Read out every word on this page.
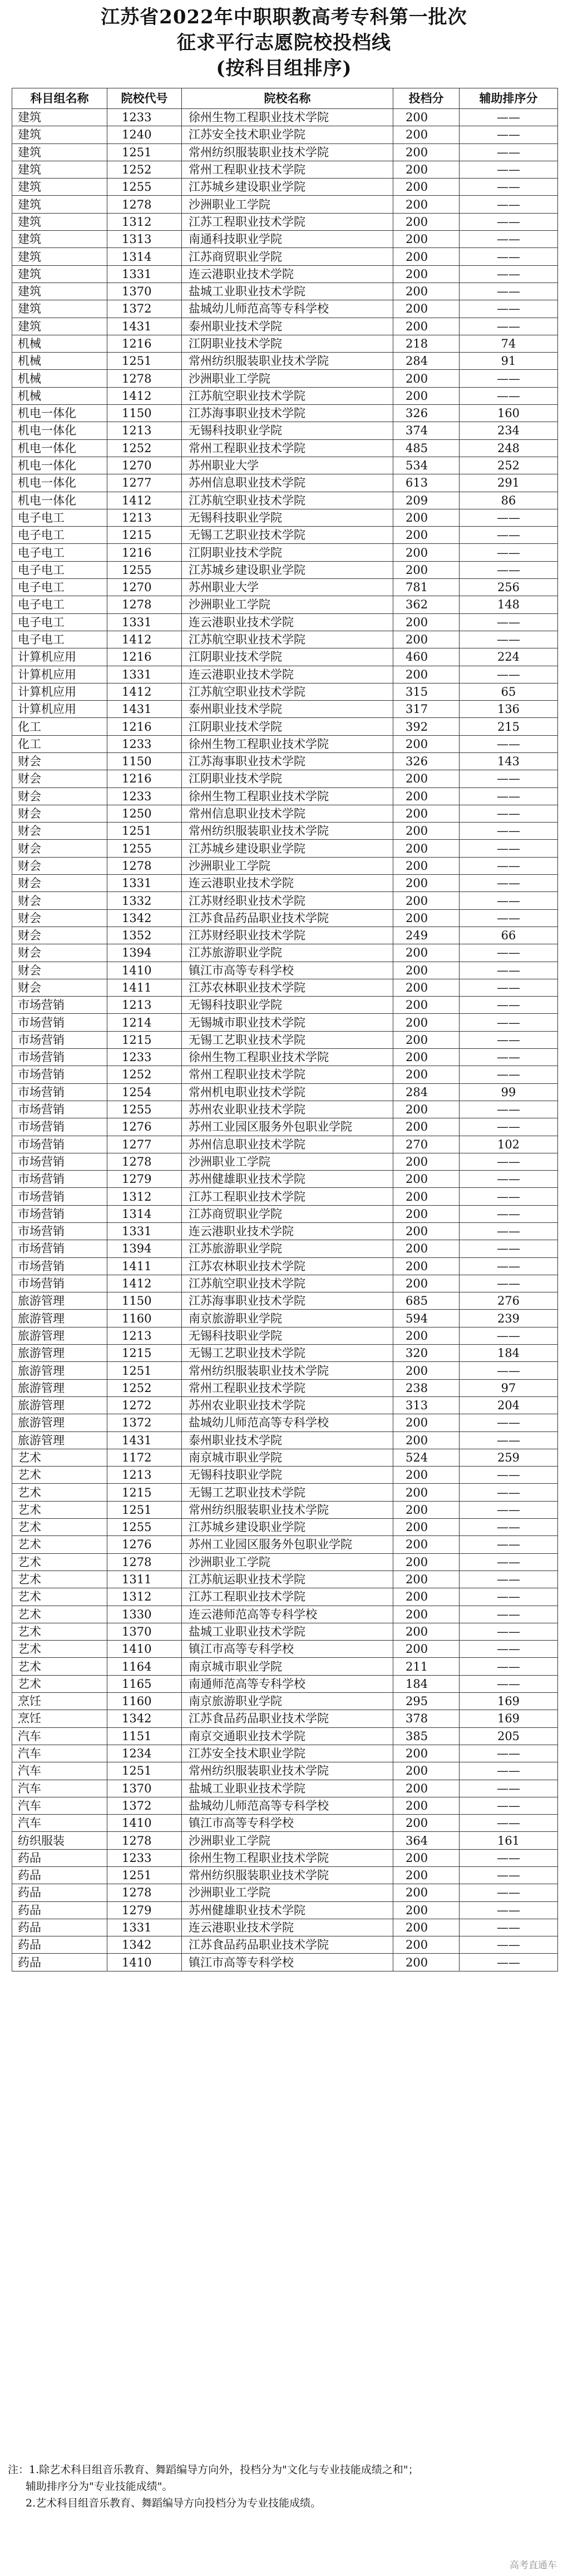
江苏省2022年中职职教高考专科第一批次
征求平行志愿院校投档线
(按科目组排序)
科目组名称	院校代号	院校名称	投档分	辅助排序分
建筑	1233	徐州生物工程职业技术学院	200	——
建筑	1240	江苏安全技术职业学院	200	——
建筑	1251	常州纺织服装职业技术学院	200	——
建筑	1252	常州工程职业技术学院	200	——
建筑	1255	江苏城乡建设职业学院	200	——
建筑	1278	沙洲职业工学院	200	——
建筑	1312	江苏工程职业技术学院	200	——
建筑	1313	南通科技职业学院	200	——
建筑	1314	江苏商贸职业学院	200	——
建筑	1331	连云港职业技术学院	200	——
建筑	1370	盐城工业职业技术学院	200	——
建筑	1372	盐城幼儿师范高等专科学校	200	——
建筑	1431	泰州职业技术学院	200	——
机械	1216	江阴职业技术学院	218	74
机械	1251	常州纺织服装职业技术学院	284	91
机械	1278	沙洲职业工学院	200	——
机械	1412	江苏航空职业技术学院	200	——
机电一体化	1150	江苏海事职业技术学院	326	160
机电一体化	1213	无锡科技职业学院	374	234
机电一体化	1252	常州工程职业技术学院	485	248
机电一体化	1270	苏州职业大学	534	252
机电一体化	1277	苏州信息职业技术学院	613	291
机电一体化	1412	江苏航空职业技术学院	209	86
电子电工	1213	无锡科技职业学院	200	——
电子电工	1215	无锡工艺职业技术学院	200	——
电子电工	1216	江阴职业技术学院	200	——
电子电工	1255	江苏城乡建设职业学院	200	——
电子电工	1270	苏州职业大学	781	256
电子电工	1278	沙洲职业工学院	362	148
电子电工	1331	连云港职业技术学院	200	——
电子电工	1412	江苏航空职业技术学院	200	——
计算机应用	1216	江阴职业技术学院	460	224
计算机应用	1331	连云港职业技术学院	200	——
计算机应用	1412	江苏航空职业技术学院	315	65
计算机应用	1431	泰州职业技术学院	317	136
化工	1216	江阴职业技术学院	392	215
化工	1233	徐州生物工程职业技术学院	200	——
财会	1150	江苏海事职业技术学院	326	143
财会	1216	江阴职业技术学院	200	——
财会	1233	徐州生物工程职业技术学院	200	——
财会	1250	常州信息职业技术学院	200	——
财会	1251	常州纺织服装职业技术学院	200	——
财会	1255	江苏城乡建设职业学院	200	——
财会	1278	沙洲职业工学院	200	——
财会	1331	连云港职业技术学院	200	——
财会	1332	江苏财经职业技术学院	200	——
财会	1342	江苏食品药品职业技术学院	200	——
财会	1352	江苏财经职业技术学院	249	66
财会	1394	江苏旅游职业学院	200	——
财会	1410	镇江市高等专科学校	200	——
财会	1411	江苏农林职业技术学院	200	——
市场营销	1213	无锡科技职业学院	200	——
市场营销	1214	无锡城市职业技术学院	200	——
市场营销	1215	无锡工艺职业技术学院	200	——
市场营销	1233	徐州生物工程职业技术学院	200	——
市场营销	1252	常州工程职业技术学院	200	——
市场营销	1254	常州机电职业技术学院	284	99
市场营销	1255	苏州农业职业技术学院	200	——
市场营销	1276	苏州工业园区服务外包职业学院	200	——
市场营销	1277	苏州信息职业技术学院	270	102
市场营销	1278	沙洲职业工学院	200	——
市场营销	1279	苏州健雄职业技术学院	200	——
市场营销	1312	江苏工程职业技术学院	200	——
市场营销	1314	江苏商贸职业学院	200	——
市场营销	1331	连云港职业技术学院	200	——
市场营销	1394	江苏旅游职业学院	200	——
市场营销	1411	江苏农林职业技术学院	200	——
市场营销	1412	江苏航空职业技术学院	200	——
旅游管理	1150	江苏海事职业技术学院	685	276
旅游管理	1160	南京旅游职业学院	594	239
旅游管理	1213	无锡科技职业学院	200	——
旅游管理	1215	无锡工艺职业技术学院	320	184
旅游管理	1251	常州纺织服装职业技术学院	200	——
旅游管理	1252	常州工程职业技术学院	238	97
旅游管理	1272	苏州农业职业技术学院	313	204
旅游管理	1372	盐城幼儿师范高等专科学校	200	——
旅游管理	1431	泰州职业技术学院	200	——
艺术	1172	南京城市职业学院	524	259
艺术	1213	无锡科技职业学院	200	——
艺术	1215	无锡工艺职业技术学院	200	——
艺术	1251	常州纺织服装职业技术学院	200	——
艺术	1255	江苏城乡建设职业学院	200	——
艺术	1276	苏州工业园区服务外包职业学院	200	——
艺术	1278	沙洲职业工学院	200	——
艺术	1311	江苏航运职业技术学院	200	——
艺术	1312	江苏工程职业技术学院	200	——
艺术	1330	连云港师范高等专科学校	200	——
艺术	1370	盐城工业职业技术学院	200	——
艺术	1410	镇江市高等专科学校	200	——
艺术	1164	南京城市职业学院	211	——
艺术	1165	南通师范高等专科学校	184	——
烹饪	1160	南京旅游职业学院	295	169
烹饪	1342	江苏食品药品职业技术学院	378	169
汽车	1151	南京交通职业技术学院	385	205
汽车	1234	江苏安全技术职业学院	200	——
汽车	1251	常州纺织服装职业技术学院	200	——
汽车	1370	盐城工业职业技术学院	200	——
汽车	1372	盐城幼儿师范高等专科学校	200	——
汽车	1410	镇江市高等专科学校	200	——
纺织服装	1278	沙洲职业工学院	364	161
药品	1233	徐州生物工程职业技术学院	200	——
药品	1251	常州纺织服装职业技术学院	200	——
药品	1278	沙洲职业工学院	200	——
药品	1279	苏州健雄职业技术学院	200	——
药品	1331	连云港职业技术学院	200	——
药品	1342	江苏食品药品职业技术学院	200	——
药品	1410	镇江市高等专科学校	200	——
注：1.除艺术科目组音乐教育、舞蹈编导方向外，投档分为"文化与专业技能成绩之和"；
辅助排序分为"专业技能成绩"。
2.艺术科目组音乐教育、舞蹈编导方向投档分为专业技能成绩。
高考直通车
